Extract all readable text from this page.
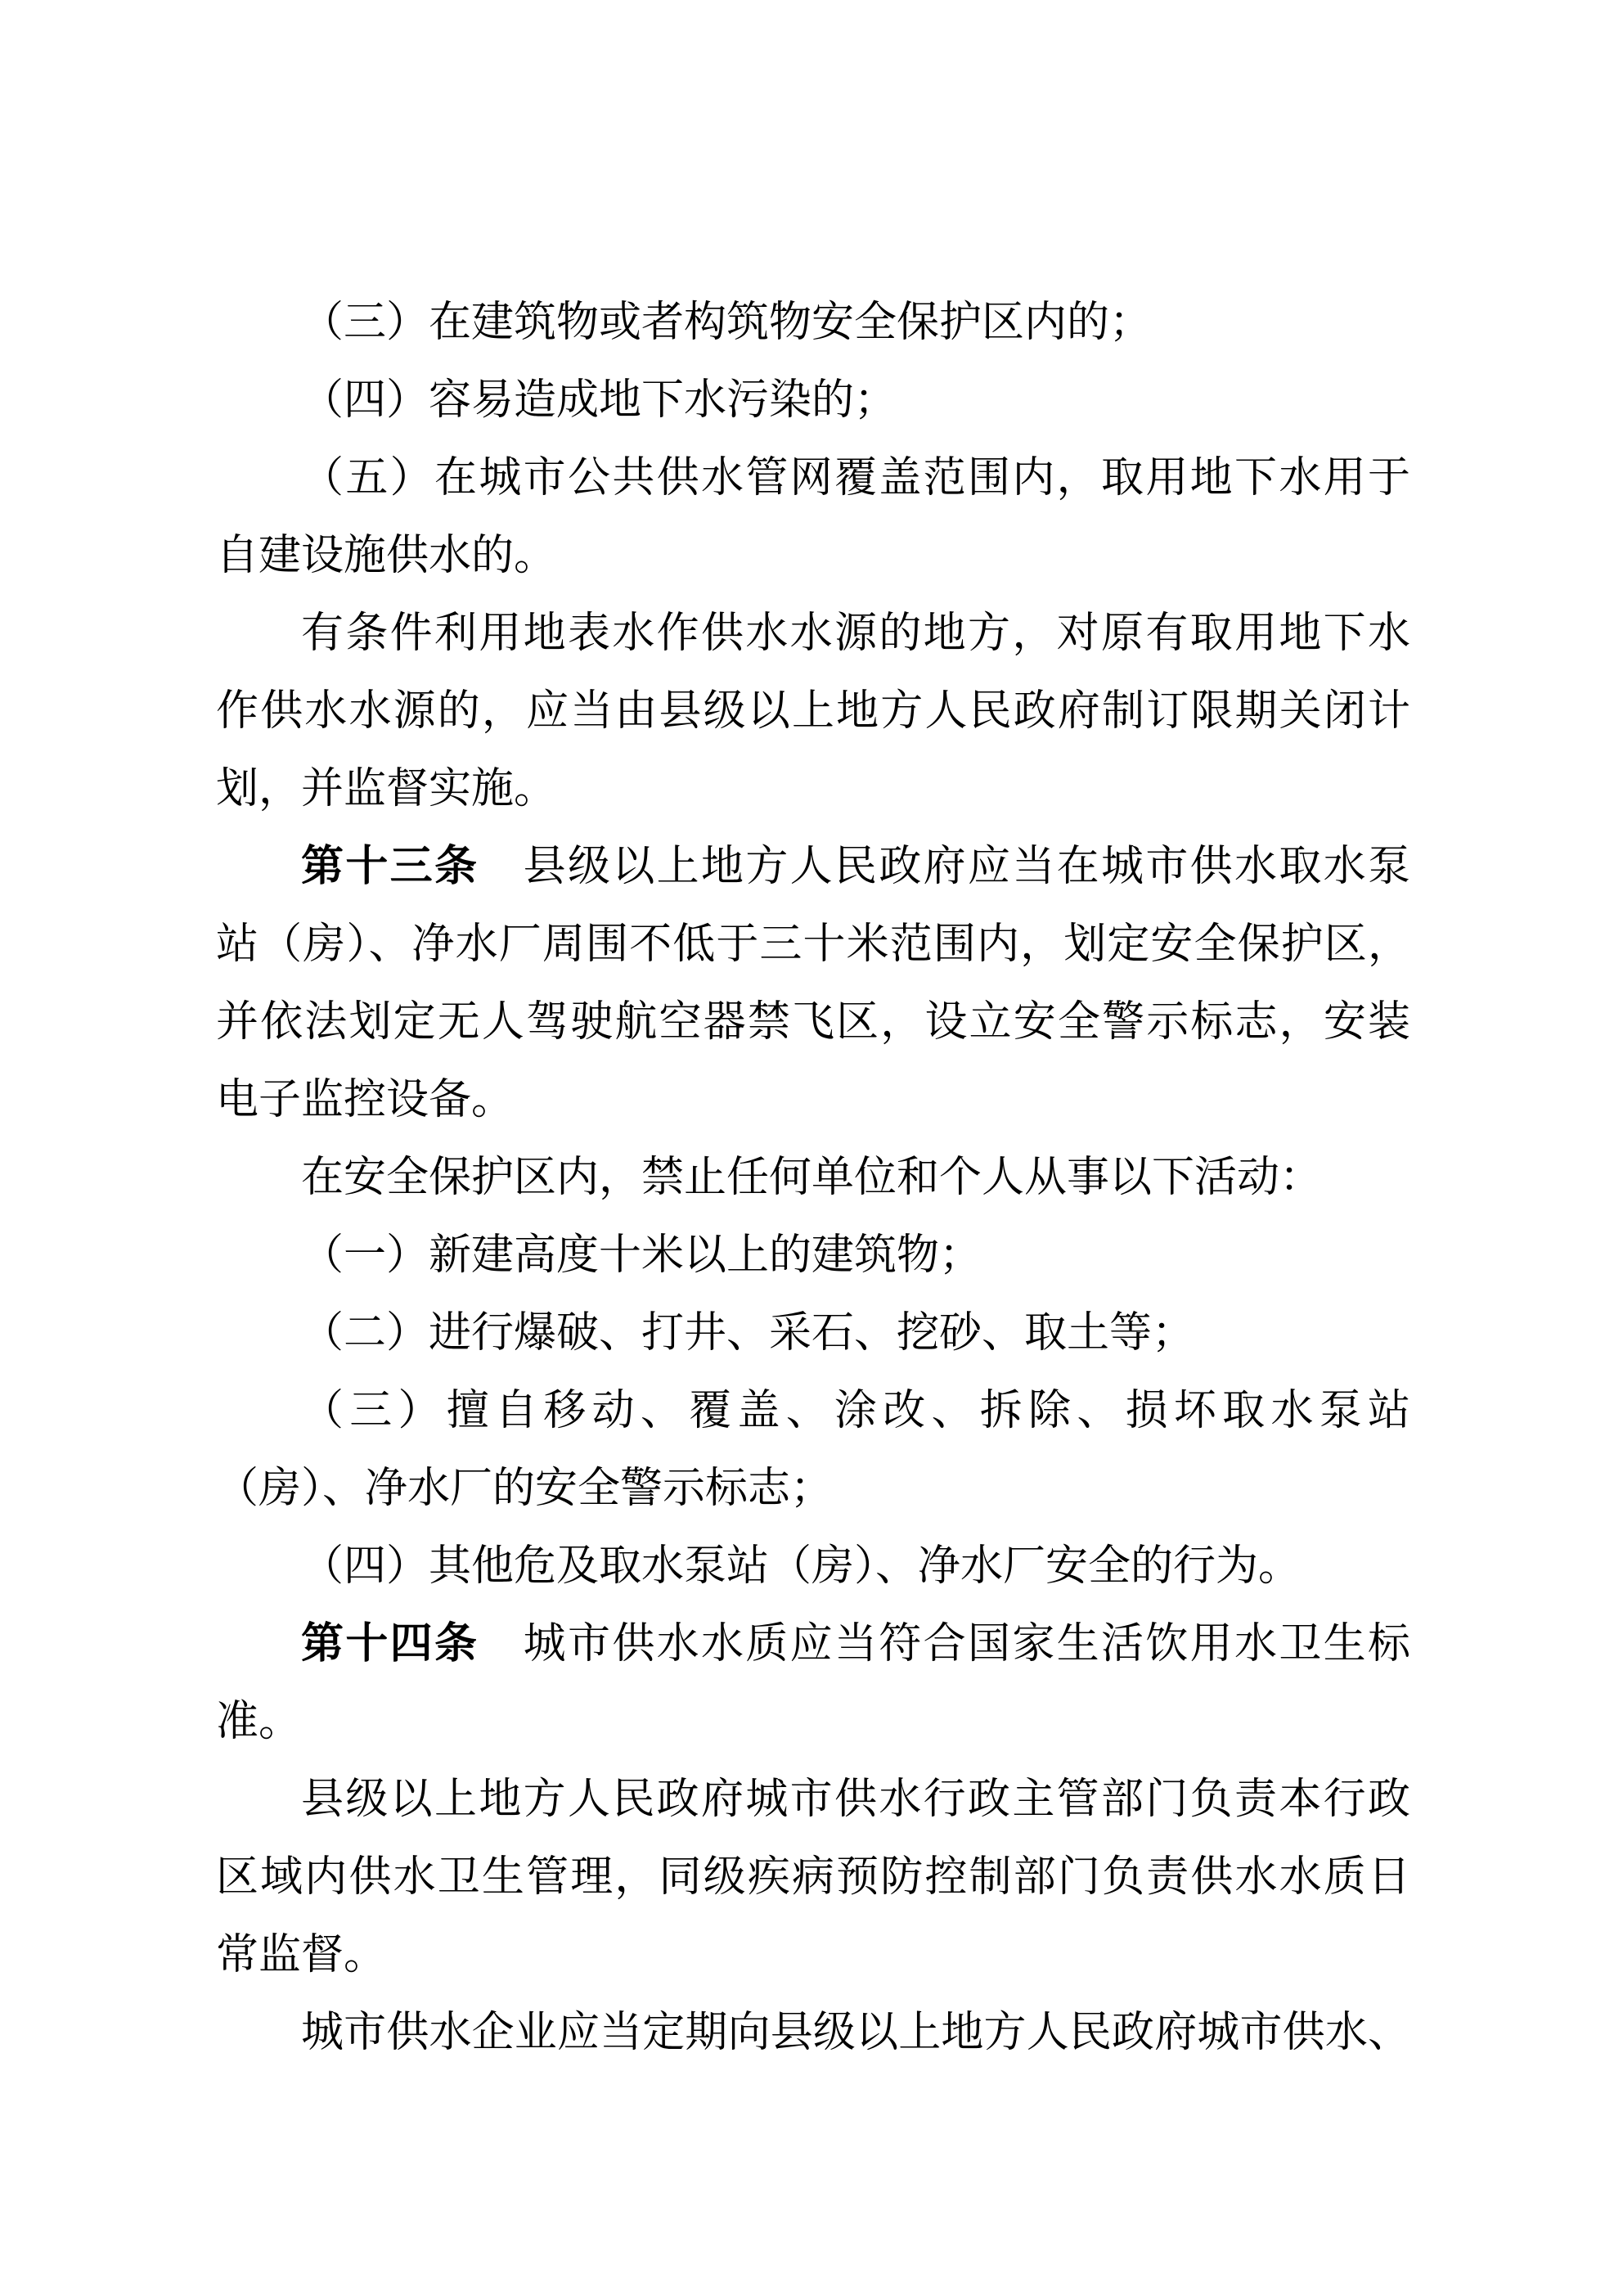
（三）在建筑物或者构筑物安全保护区内的；
（四）容易造成地下水污染的；
（五）在城市公共供水管网覆盖范围内，取用地下水用于
自建设施供水的。
有条件利用地表水作供水水源的地方，对原有取用地下水
作供水水源的，应当由县级以上地方人民政府制订限期关闭计
划，并监督实施。
第十三条　县级以上地方人民政府应当在城市供水取水泵
站（房）、净水厂周围不低于三十米范围内，划定安全保护区，
并依法划定无人驾驶航空器禁飞区，设立安全警示标志，安装
电子监控设备。
在安全保护区内，禁止任何单位和个人从事以下活动：
（一）新建高度十米以上的建筑物；
（二）进行爆破、打井、采石、挖砂、取土等；
（三）擅自移动、覆盖、涂改、拆除、损坏取水泵站
（房）、净水厂的安全警示标志；
（四）其他危及取水泵站（房）、净水厂安全的行为。
第十四条　城市供水水质应当符合国家生活饮用水卫生标
准。
县级以上地方人民政府城市供水行政主管部门负责本行政
区域内供水卫生管理，同级疾病预防控制部门负责供水水质日
常监督。
城市供水企业应当定期向县级以上地方人民政府城市供水、
